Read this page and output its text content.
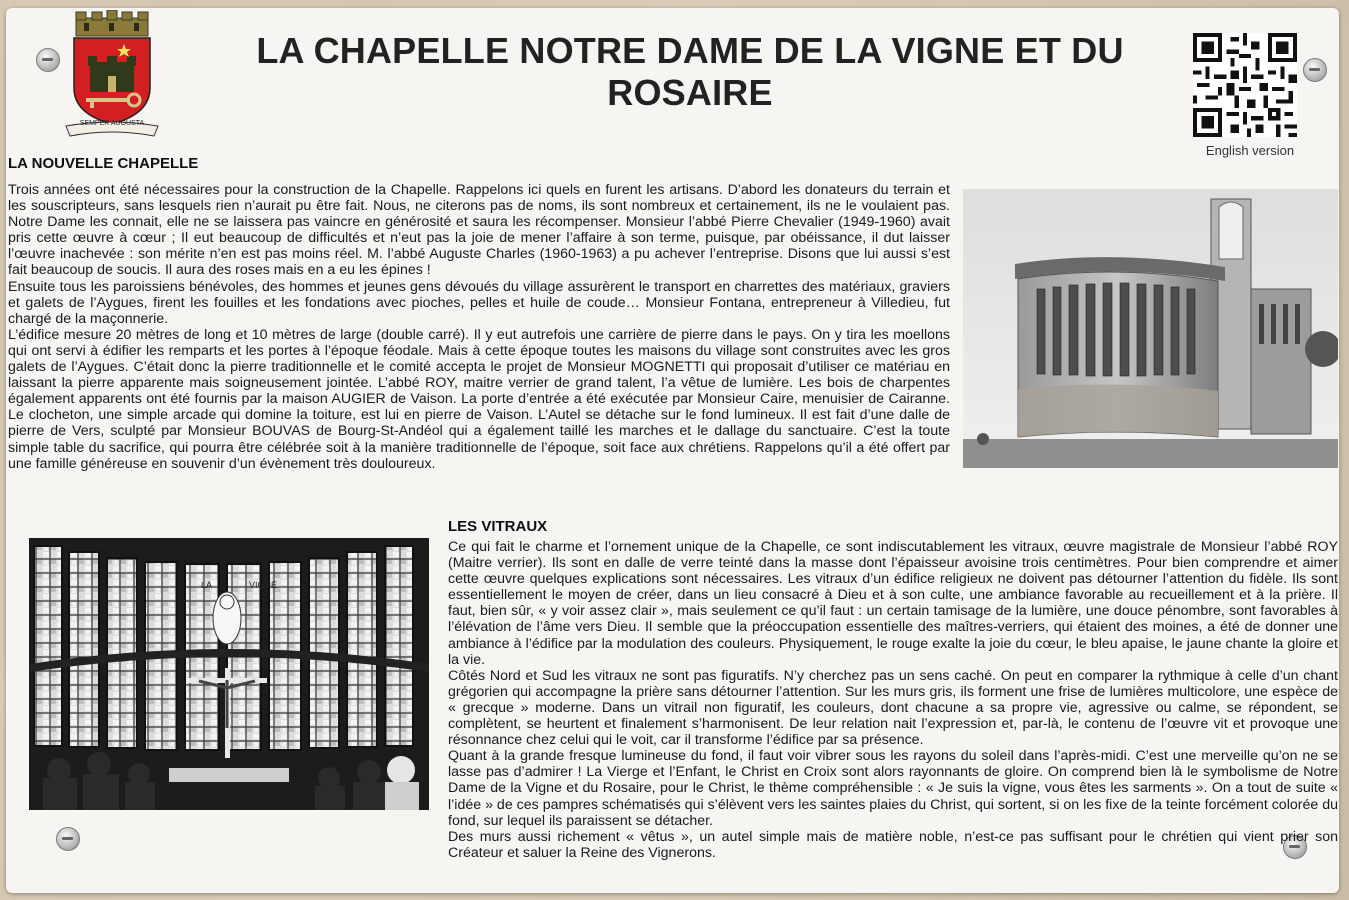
SEMPER AUGUSTA
LA CHAPELLE NOTRE DAME DE LA VIGNE ET DU ROSAIRE
English version
LA NOUVELLE CHAPELLE

Trois années ont été nécessaires pour la construction de la Chapelle. Rappelons ici quels en furent les artisans. D’abord les donateurs du terrain et les souscripteurs, sans lesquels rien n’aurait pu être fait. Nous, ne citerons pas de noms, ils sont nombreux et certainement, ils ne le voulaient pas. Notre Dame les connait, elle ne se laissera pas vaincre en générosité et saura les récompenser. Monsieur l’abbé Pierre Chevalier (1949-1960) avait pris cette œuvre à cœur ; Il eut beaucoup de difficultés et n’eut pas la joie de mener l’affaire à son terme, puisque, par obéissance, il dut laisser l’œuvre inachevée : son mérite n’en est pas moins réel. M. l’abbé Auguste Charles (1960-1963) a pu achever l’entreprise. Disons que lui aussi s’est fait beaucoup de soucis. Il aura des roses mais en a eu les épines !

Ensuite tous les paroissiens bénévoles, des hommes et jeunes gens dévoués du village assurèrent le transport en charrettes des matériaux, graviers et galets de l’Aygues, firent les fouilles et les fondations avec pioches, pelles et huile de coude… Monsieur Fontana, entrepreneur à Villedieu, fut chargé de la maçonnerie.

L’édifice mesure 20 mètres de long et 10 mètres de large (double carré). Il y eut autrefois une carrière de pierre dans le pays. On y tira les moellons qui ont servi à édifier les remparts et les portes à l’époque féodale. Mais à cette époque toutes les maisons du village sont construites avec les gros galets de l’Aygues. C’était donc la pierre traditionnelle et le comité accepta le projet de Monsieur MOGNETTI qui proposait d’utiliser ce matériau en laissant la pierre apparente mais soigneusement jointée. L’abbé ROY, maitre verrier de grand talent, l’a vêtue de lumière. Les bois de charpentes également apparents ont été fournis par la maison AUGIER de Vaison. La porte d’entrée a été exécutée par Monsieur Caire, menuisier de Cairanne. Le clocheton, une simple arcade qui domine la toiture, est lui en pierre de Vaison. L’Autel se détache sur le fond lumineux. Il est fait d’une dalle de pierre de Vers, sculpté par Monsieur BOUVAS de Bourg-St-Andéol qui a également taillé les marches et le dallage du sanctuaire. C’est la toute simple table du sacrifice, qui pourra être célébrée soit à la manière traditionnelle de l’époque, soit face aux chrétiens. Rappelons qu’il a été offert par une famille généreuse en souvenir d’un évènement très douloureux.

LES VITRAUX

Ce qui fait le charme et l’ornement unique de la Chapelle, ce sont indiscutablement les vitraux, œuvre magistrale de Monsieur l’abbé ROY (Maitre verrier). Ils sont en dalle de verre teinté dans la masse dont l’épaisseur avoisine trois centimètres. Pour bien comprendre et aimer cette œuvre quelques explications sont nécessaires. Les vitraux d’un édifice religieux ne doivent pas détourner l’attention du fidèle. Ils sont essentiellement le moyen de créer, dans un lieu consacré à Dieu et à son culte, une ambiance favorable au recueillement et à la prière. Il faut, bien sûr, « y voir assez clair », mais seulement ce qu’il faut : un certain tamisage de la lumière, une douce pénombre, sont favorables à l’élévation de l’âme vers Dieu. Il semble que la préoccupation essentielle des maîtres-verriers, qui étaient des moines, a été de donner une ambiance à l’édifice par la modulation des couleurs. Physiquement, le rouge exalte la joie du cœur, le bleu apaise, le jaune chante la gloire et la vie.

Côtés Nord et Sud les vitraux ne sont pas figuratifs. N’y cherchez pas un sens caché. On peut en comparer la rythmique à celle d’un chant grégorien qui accompagne la prière sans détourner l’attention. Sur les murs gris, ils forment une frise de lumières multicolore, une espèce de « grecque » moderne. Dans un vitrail non figuratif, les couleurs, dont chacune a sa propre vie, agressive ou calme, se répondent, se complètent, se heurtent et finalement s’harmonisent. De leur relation nait l’expression et, par-là, le contenu de l’œuvre vit et provoque une résonnance chez celui qui le voit, car il transforme l’édifice par sa présence.

Quant à la grande fresque lumineuse du fond, il faut voir vibrer sous les rayons du soleil dans l’après-midi. C’est une merveille qu’on ne se lasse pas d’admirer ! La Vierge et l’Enfant, le Christ en Croix sont alors rayonnants de gloire. On comprend bien là le symbolisme de Notre Dame de la Vigne et du Rosaire, pour le Christ, le thème compréhensible : « Je suis la vigne, vous êtes les sarments ». On a tout de suite « l’idée » de ces pampres schématisés qui s’élèvent vers les saintes plaies du Christ, qui sortent, si on les fixe de la teinte forcément colorée du fond, sur lequel ils paraissent se détacher.

Des murs aussi richement « vêtus », un autel simple mais de matière noble, n’est-ce pas suffisant pour le chrétien qui vient prier son Créateur et saluer la Reine des Vignerons.

LA	VIGNE
